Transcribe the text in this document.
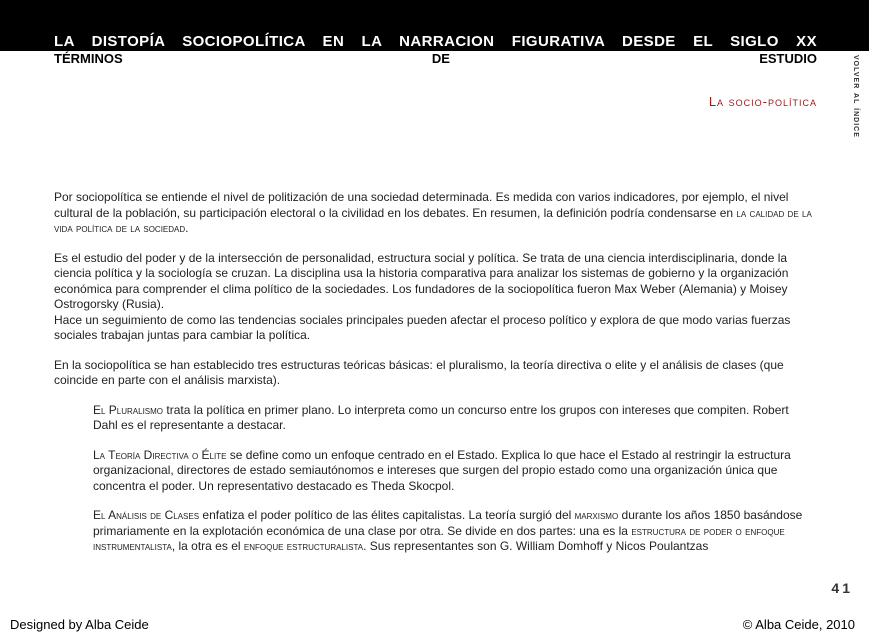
LA DISTOPÍA SOCIOPOLÍTICA EN LA NARRACION FIGURATIVA DESDE EL SIGLO XX
TÉRMINOS DE ESTUDIO
La socio-política	volver al índice

Por sociopolítica se entiende el nivel de politización de una sociedad determinada. Es medida con varios indicadores, por ejemplo, el nivel cultural de la población, su participación electoral o la civilidad en los debates. En resumen, la definición podría condensarse en la calidad de la vida política de la sociedad.

Es el estudio del poder y de la intersección de personalidad, estructura social y política. Se trata de una ciencia interdisciplinaria, donde la ciencia política y la sociología se cruzan. La disciplina usa la historia comparativa para analizar los sistemas de gobierno y la organización económica para comprender el clima político de la sociedades. Los fundadores de la sociopolítica fueron Max Weber (Alemania) y Moisey Ostrogorsky (Rusia).
Hace un seguimiento de como las tendencias sociales principales pueden afectar el proceso político y explora de que modo varias fuerzas sociales trabajan juntas para cambiar la política.

En la sociopolítica se han establecido tres estructuras teóricas básicas: el pluralismo, la teoría directiva o elite y el análisis de clases (que coincide en parte con el análisis marxista).

El Pluralismo trata la política en primer plano. Lo interpreta como un concurso entre los grupos con intereses que compiten. Robert Dahl es el representante a destacar.

La Teoría Directiva o Élite se define como un enfoque centrado en el Estado. Explica lo que hace el Estado al restringir la estructura organizacional, directores de estado semiautónomos e intereses que surgen del propio estado como una organización única que concentra el poder. Un representativo destacado es Theda Skocpol.

El Análisis de Clases enfatiza el poder político de las élites capitalistas. La teoría surgió del marxismo durante los años 1850 basándose primariamente en la explotación económica de una clase por otra. Se divide en dos partes: una es la estructura de poder o enfoque instrumentalista, la otra es el enfoque estructuralista. Sus representantes son G. William Domhoff y Nicos Poulantzas

41
Designed by Alba Ceide	© Alba Ceide, 2010
